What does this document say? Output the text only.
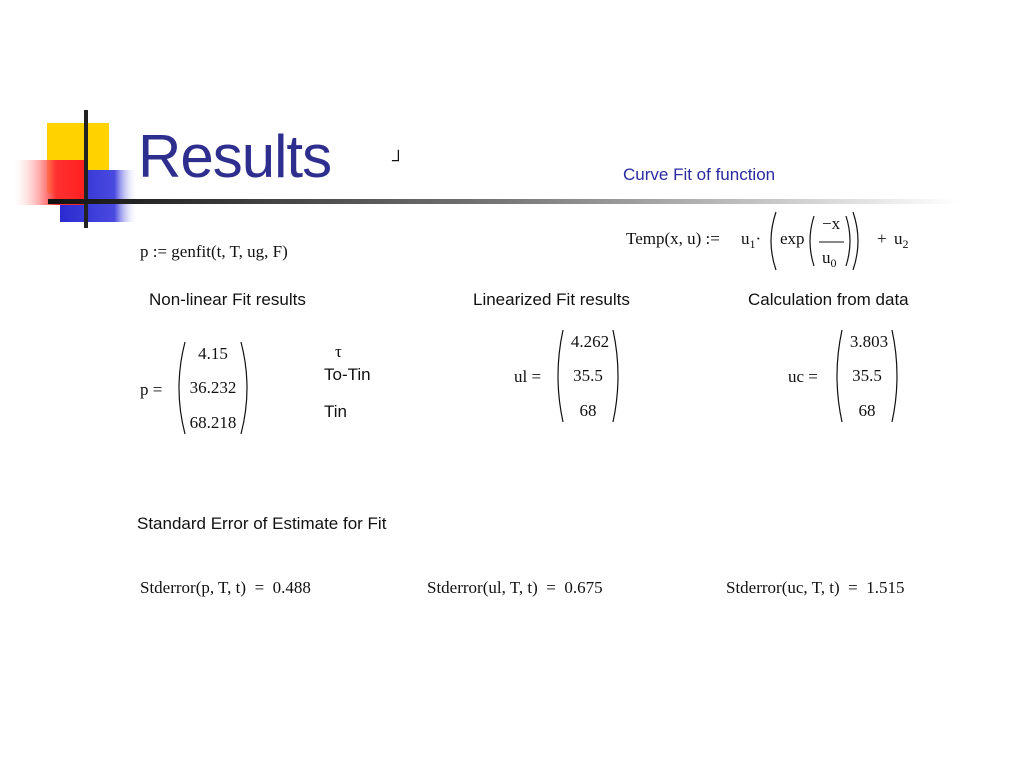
Results	┘
Curve Fit of function
Temp(x, u) := $u_1\cdot \exp$
−x
$u_0$
+ $u_2$
p := genfit(t, T, ug, F)
Non-linear Fit results	Linearized Fit results	Calculation from data
p =
4.15
36.232
68.218
τ
To-Tin
Tin
ul =
4.262
35.5
68
uc =
3.803
35.5
68
Standard Error of Estimate for Fit
Stderror(p, T, t)  =  0.488	Stderror(ul, T, t)  =  0.675	Stderror(uc, T, t)  =  1.515
